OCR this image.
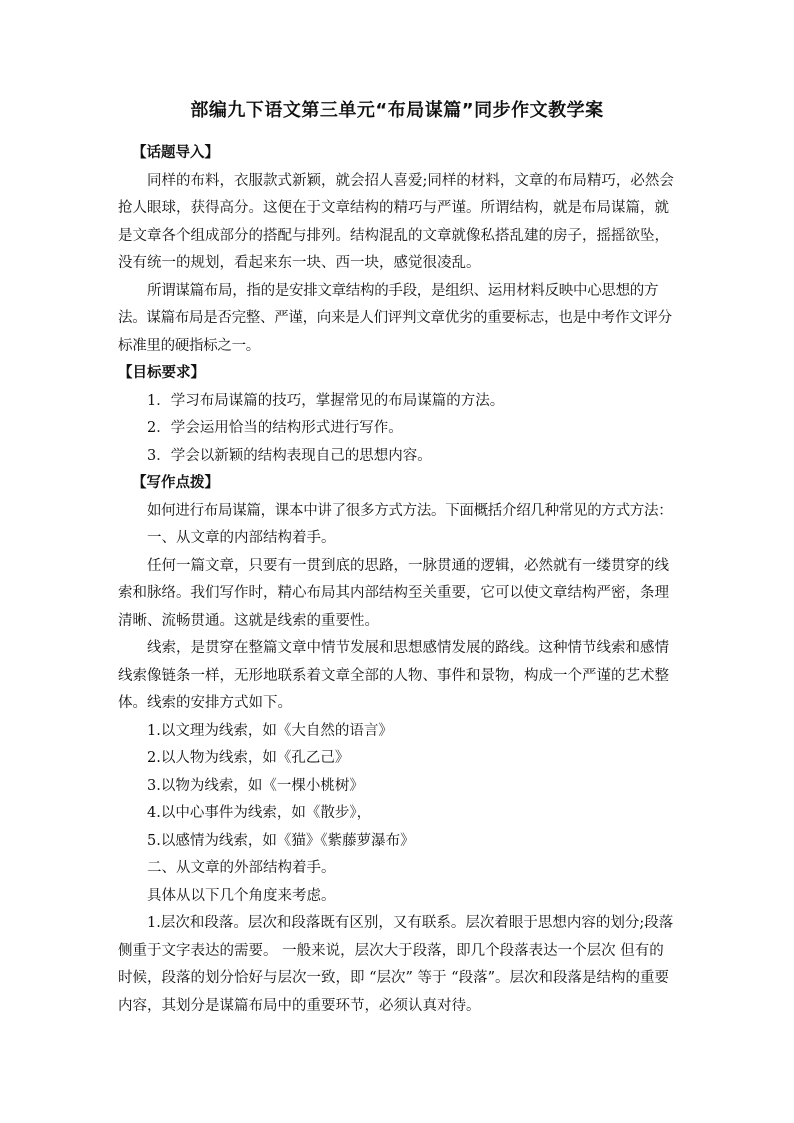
部编九下语文第三单元“布局谋篇”同步作文教学案

【话题导入】

同样的布料，衣服款式新颖，就会招人喜爱;同样的材料，文章的布局精巧，必然会抢人眼球，获得高分。这便在于文章结构的精巧与严谨。所谓结构，就是布局谋篇，就是文章各个组成部分的搭配与排列。结构混乱的文章就像私搭乱建的房子，摇摇欲坠，没有统一的规划，看起来东一块、西一块，感觉很凌乱。

所谓谋篇布局，指的是安排文章结构的手段，是组织、运用材料反映中心思想的方法。谋篇布局是否完整、严谨，向来是人们评判文章优劣的重要标志，也是中考作文评分标准里的硬指标之一。

【目标要求】

1．学习布局谋篇的技巧，掌握常见的布局谋篇的方法。

2．学会运用恰当的结构形式进行写作。

3．学会以新颖的结构表现自己的思想内容。

【写作点拨】

如何进行布局谋篇，课本中讲了很多方式方法。下面概括介绍几种常见的方式方法：

一、从文章的内部结构着手。

任何一篇文章，只要有一贯到底的思路，一脉贯通的逻辑，必然就有一缕贯穿的线索和脉络。我们写作时，精心布局其内部结构至关重要，它可以使文章结构严密，条理清晰、流畅贯通。这就是线索的重要性。

线索，是贯穿在整篇文章中情节发展和思想感情发展的路线。这种情节线索和感情线索像链条一样，无形地联系着文章全部的人物、事件和景物，构成一个严谨的艺术整体。线索的安排方式如下。

1.以文理为线索，如《大自然的语言》

2.以人物为线索，如《孔乙己》

3.以物为线索，如《一棵小桃树》

4.以中心事件为线索，如《散步》，

5.以感情为线索，如《猫》《紫藤萝瀑布》

二、从文章的外部结构着手。

具体从以下几个角度来考虑。

1.层次和段落。层次和段落既有区别，又有联系。层次着眼于思想内容的划分;段落侧重于文字表达的需要。 一般来说，层次大于段落，即几个段落表达一个层次 但有的时候，段落的划分恰好与层次一致，即 “层次” 等于 “段落”。层次和段落是结构的重要内容，其划分是谋篇布局中的重要环节，必须认真对待。
